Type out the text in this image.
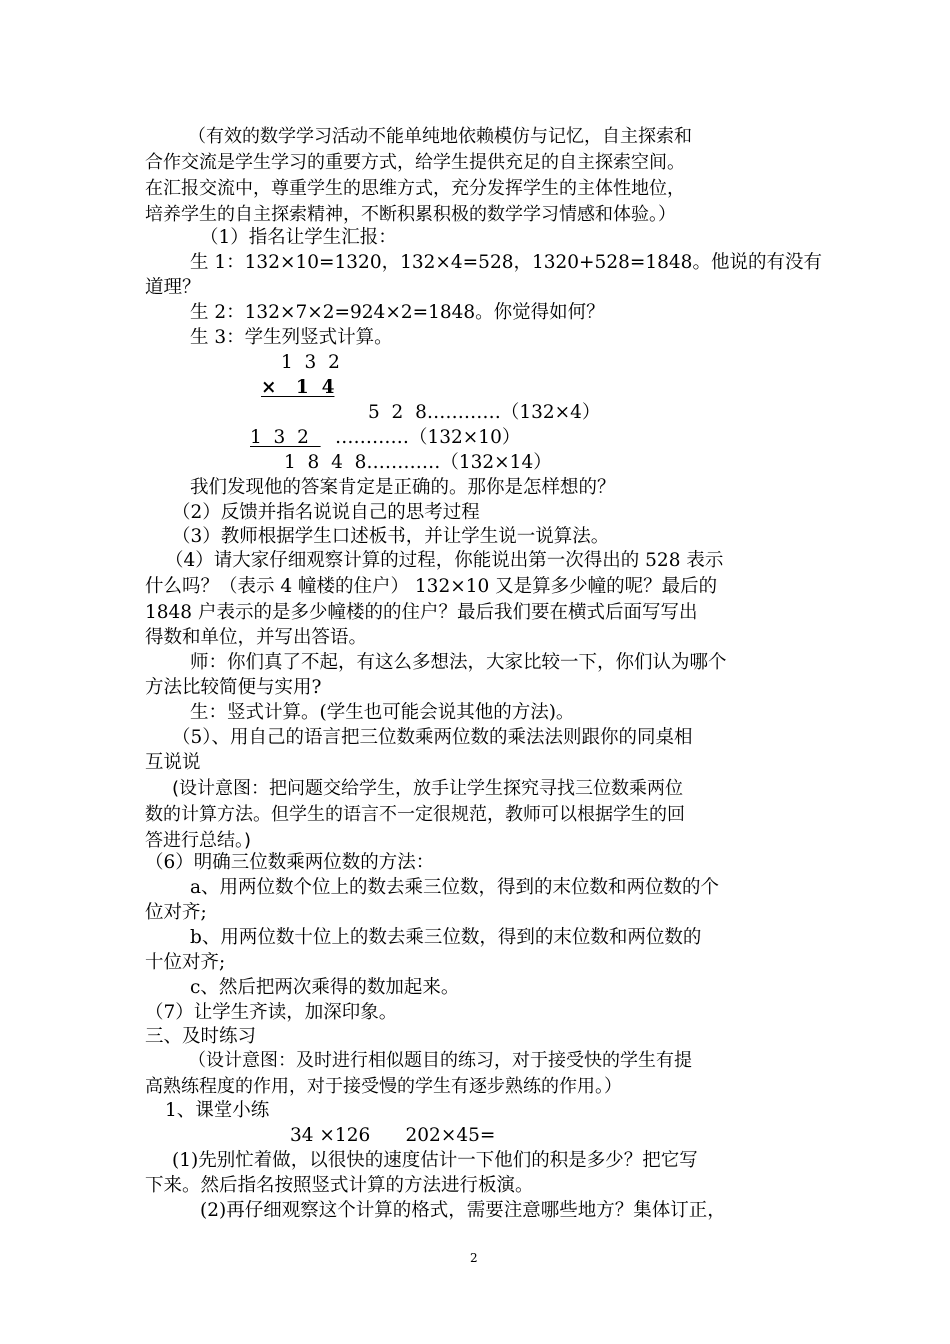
（有效的数学学习活动不能单纯地依赖模仿与记忆，自主探索和
合作交流是学生学习的重要方式，给学生提供充足的自主探索空间。
在汇报交流中，尊重学生的思维方式，充分发挥学生的主体性地位，
培养学生的自主探索精神，不断积累积极的数学学习情感和体验。）
（1）指名让学生汇报：
生 1：132×10=1320，132×4=528，1320+528=1848。他说的有没有
道理？
生 2：132×7×2=924×2=1848。你觉得如何？
生 3：学生列竖式计算。
1  3  2
×   1  4
5  2  8…………（132×4）
1  3  2 …………（132×10）
1  8  4  8…………（132×14）
我们发现他的答案肯定是正确的。那你是怎样想的？
（2）反馈并指名说说自己的思考过程
（3）教师根据学生口述板书，并让学生说一说算法。
（4）请大家仔细观察计算的过程，你能说出第一次得出的 528 表示
什么吗？（表示 4 幢楼的住户） 132×10 又是算多少幢的呢？最后的
1848 户表示的是多少幢楼的的住户？最后我们要在横式后面写写出
得数和单位，并写出答语。
师：你们真了不起，有这么多想法，大家比较一下，你们认为哪个
方法比较简便与实用?
生：竖式计算。(学生也可能会说其他的方法)。
（5）、用自己的语言把三位数乘两位数的乘法法则跟你的同桌相
互说说
(设计意图：把问题交给学生，放手让学生探究寻找三位数乘两位
数的计算方法。但学生的语言不一定很规范，教师可以根据学生的回
答进行总结。)
（6）明确三位数乘两位数的方法：
a、用两位数个位上的数去乘三位数，得到的末位数和两位数的个
位对齐;
b、用两位数十位上的数去乘三位数，得到的末位数和两位数的
十位对齐;
c、然后把两次乘得的数加起来。
（7）让学生齐读，加深印象。
三、及时练习
（设计意图：及时进行相似题目的练习，对于接受快的学生有提
高熟练程度的作用，对于接受慢的学生有逐步熟练的作用。）
1、课堂小练
34 ×126      202×45=
(1)先别忙着做，以很快的速度估计一下他们的积是多少？把它写
下来。然后指名按照竖式计算的方法进行板演。
(2)再仔细观察这个计算的格式，需要注意哪些地方？集体订正，
2
